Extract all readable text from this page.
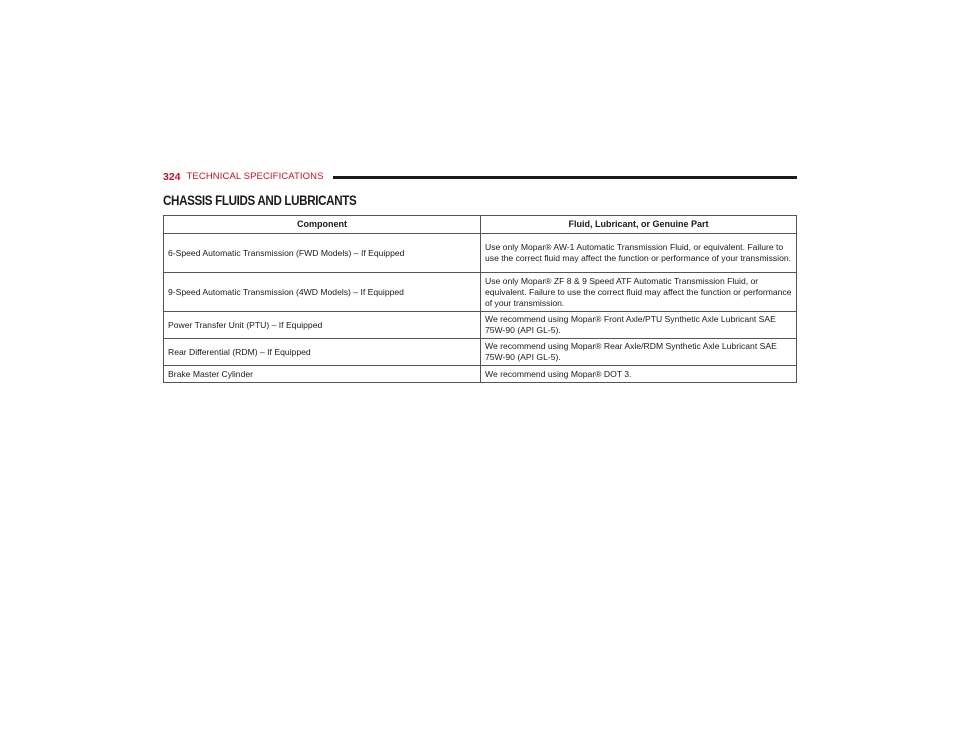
324 TECHNICAL SPECIFICATIONS
CHASSIS FLUIDS AND LUBRICANTS
Component	Fluid, Lubricant, or Genuine Part
6-Speed Automatic Transmission (FWD Models) – If Equipped	Use only Mopar® AW-1 Automatic Transmission Fluid, or equivalent. Failure to use the correct fluid may affect the function or performance of your transmission.
9-Speed Automatic Transmission (4WD Models) – If Equipped	Use only Mopar® ZF 8 & 9 Speed ATF Automatic Transmission Fluid, or equivalent. Failure to use the correct fluid may affect the function or performance of your transmission.
Power Transfer Unit (PTU) – If Equipped	We recommend using Mopar® Front Axle/PTU Synthetic Axle Lubricant SAE 75W-90 (API GL-5).
Rear Differential (RDM) – If Equipped	We recommend using Mopar® Rear Axle/RDM Synthetic Axle Lubricant SAE 75W-90 (API GL-5).
Brake Master Cylinder	We recommend using Mopar® DOT 3.
